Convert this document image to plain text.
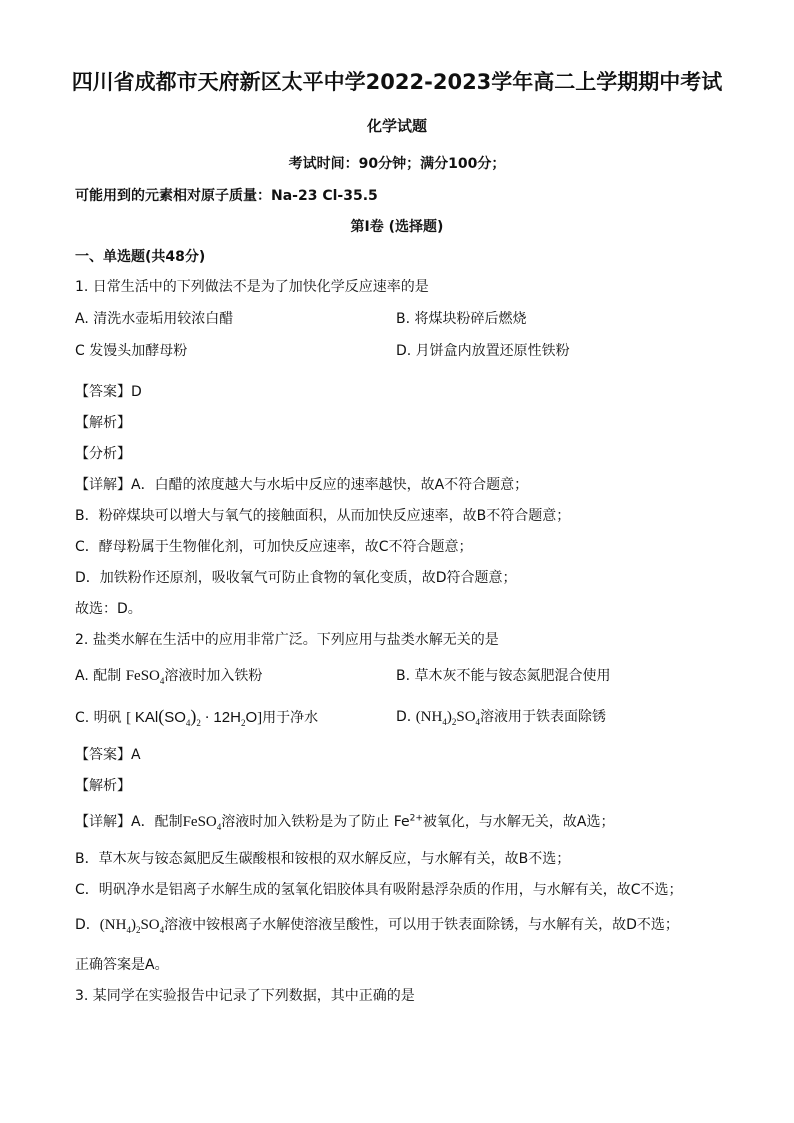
四川省成都市天府新区太平中学2022-2023学年高二上学期期中考试
化学试题
考试时间：90分钟；满分100分；
可能用到的元素相对原子质量：Na-23 Cl-35.5
第Ⅰ卷 (选择题)
一、单选题(共48分)
1. 日常生活中的下列做法不是为了加快化学反应速率的是
A. 清洗水壶垢用较浓白醋	B. 将煤块粉碎后燃烧
C 发馒头加酵母粉	D. 月饼盒内放置还原性铁粉
【答案】D
【解析】
【分析】
【详解】A．白醋的浓度越大与水垢中反应的速率越快，故A不符合题意；
B．粉碎煤块可以增大与氧气的接触面积，从而加快反应速率，故B不符合题意；
C．酵母粉属于生物催化剂，可加快反应速率，故C不符合题意；
D．加铁粉作还原剂，吸收氧气可防止食物的氧化变质，故D符合题意；
故选：D。
2. 盐类水解在生活中的应用非常广泛。下列应用与盐类水解无关的是
A. 配制 FeSO$_4$溶液时加入铁粉	B. 草木灰不能与铵态氮肥混合使用
C. 明矾 [ $KAl(SO_4)_2 \cdot 12H_2O$]用于净水	D. $(NH_4)_2SO_4$溶液用于铁表面除锈
【答案】A
【解析】
【详解】A．配制FeSO$_4$溶液时加入铁粉是为了防止 $Fe^{2+}$被氧化，与水解无关，故A选；
B．草木灰与铵态氮肥反生碳酸根和铵根的双水解反应，与水解有关，故B不选；
C．明矾净水是铝离子水解生成的氢氧化铝胶体具有吸附悬浮杂质的作用，与水解有关，故C不选；
D．$(NH_4)_2SO_4$溶液中铵根离子水解使溶液呈酸性，可以用于铁表面除锈，与水解有关，故D不选；
正确答案是A。
3. 某同学在实验报告中记录了下列数据，其中正确的是
